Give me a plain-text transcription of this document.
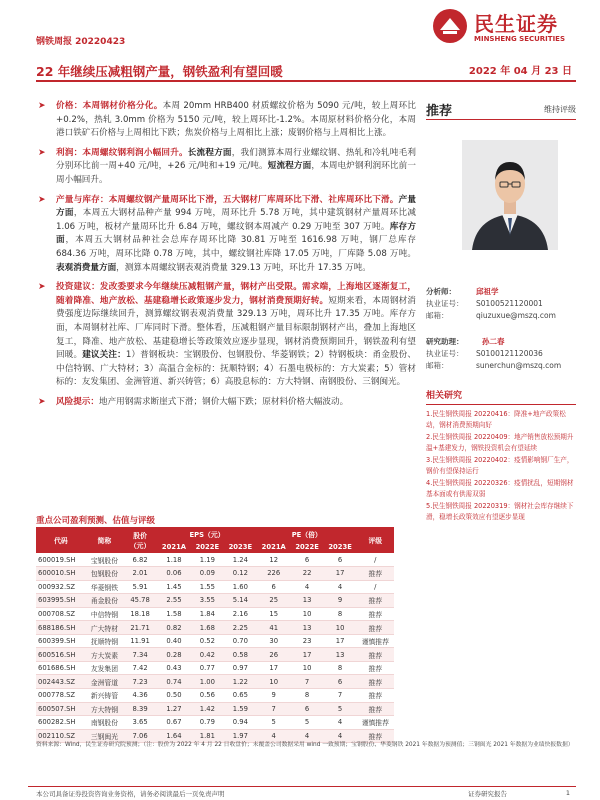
钢铁周报 20220423
民生证券
MINSHENG SECURITIES
22 年继续压减粗钢产量，钢铁盈利有望回暖	2022 年 04 月 23 日

➤ 价格：本周钢材价格分化。本周 20mm HRB400 材质螺纹价格为 5090 元/吨，较上周环比+0.2%，热轧 3.0mm 价格为 5150 元/吨，较上周环比-1.2%。本周原材料价格分化，本周港口铁矿石价格与上周相比下跌；焦炭价格与上周相比上涨；废钢价格与上周相比上涨。

➤ 利润：本周螺纹钢利润小幅回升。长流程方面，我们测算本周行业螺纹钢、热轧和冷轧吨毛利分别环比前一周+40 元/吨，+26 元/吨和+19 元/吨。短流程方面，本周电炉钢利润环比前一周小幅回升。

➤ 产量与库存：本周螺纹钢产量周环比下滑，五大钢材厂库周环比下滑、社库周环比下滑。产量方面，本周五大钢材品种产量 994 万吨，周环比升 5.78 万吨，其中建筑钢材产量周环比减 1.06 万吨，板材产量周环比升 6.84 万吨，螺纹钢本周减产 0.29 万吨至 307 万吨。库存方面，本周五大钢材品种社会总库存周环比降 30.81 万吨至 1616.98 万吨，钢厂总库存 684.36 万吨，周环比降 0.78 万吨，其中，螺纹钢社库降 17.05 万吨，厂库降 5.08 万吨。表观消费量方面，测算本周螺纹钢表观消费量 329.13 万吨，环比升 17.35 万吨。

➤ 投资建议：发改委要求今年继续压减粗钢产量，钢材产出受限。需求端，上海地区逐渐复工，随着降准、地产放松、基建稳增长政策逐步发力，钢材消费预期好转。短期来看，本周钢材消费强度边际继续回升，测算螺纹钢表观消费量 329.13 万吨，周环比升 17.35 万吨。库存方面，本周钢材社库、厂库同时下滑。整体看，压减粗钢产量目标限制钢材产出，叠加上海地区复工，降准、地产放松、基建稳增长等政策效应逐步显现，钢材消费预期回升，钢铁盈利有望回暖。建议关注：1）普钢板块：宝钢股份、包钢股份、华菱钢铁；2）特钢板块：甬金股份、中信特钢、广大特材；3）高温合金标的：抚顺特钢；4）石墨电极标的：方大炭素；5）管材标的：友发集团、金洲管道、新兴铸管；6）高股息标的：方大特钢、南钢股份、三钢闽光。

➤ 风险提示：地产用钢需求断崖式下滑；钢价大幅下跌；原材料价格大幅波动。

推荐	维持评级
分析师：	邱祖学
执业证号：	S0100521120001
邮箱：	qiuzuxue@mszq.com
研究助理：	孙二春
执业证号：	S0100121120036
邮箱：	sunerchun@mszq.com
相关研究
1.民生钢铁周报 20220416：降准+地产政策松动，钢材消费预期向好
2.民生钢铁周报 20220409：地产销售放松预期升温+基建发力，钢铁投资机会有望延续
3.民生钢铁周报 20220402：疫情影响钢厂生产，钢价有望保持运行
4.民生钢铁周报 20220326：疫情扰乱，短期钢材基本面或有供需双弱
5.民生钢铁周报 20220319：钢材社会库存继续下滑，稳增长政策效应有望逐步显现
重点公司盈利预测、估值与评级
代码	简称	股价（元）	EPS（元）			PE（倍）			评级
			2021A	2022E	2023E	2021A	2022E	2023E	
600019.SH	宝钢股份	6.82	1.18	1.19	1.24	12	6	6	/
600010.SH	包钢股份	2.01	0.06	0.09	0.12	226	22	17	推荐
000932.SZ	华菱钢铁	5.91	1.45	1.55	1.60	6	4	4	/
603995.SH	甬金股份	45.78	2.55	3.55	5.14	25	13	9	推荐
000708.SZ	中信特钢	18.18	1.58	1.84	2.16	15	10	8	推荐
688186.SH	广大特材	21.71	0.82	1.68	2.25	41	13	10	推荐
600399.SH	抚顺特钢	11.91	0.40	0.52	0.70	30	23	17	谨慎推荐
600516.SH	方大炭素	7.34	0.28	0.42	0.58	26	17	13	推荐
601686.SH	友发集团	7.42	0.43	0.77	0.97	17	10	8	推荐
002443.SZ	金洲管道	7.23	0.74	1.00	1.22	10	7	6	推荐
000778.SZ	新兴铸管	4.36	0.50	0.56	0.65	9	8	7	推荐
600507.SH	方大特钢	8.39	1.27	1.42	1.59	7	6	5	推荐
600282.SH	南钢股份	3.65	0.67	0.79	0.94	5	5	4	谨慎推荐
002110.SZ	三钢闽光	7.06	1.64	1.81	1.97	4	4	4	推荐
资料来源：Wind，民生证券研究院预测；（注：股价为 2022 年 4 月 22 日收盘价；未覆盖公司数据采用 wind 一致预期；宝钢股份、华菱钢铁 2021 年数据为预测值；三钢闽光 2021 年数据为业绩快报数据）
本公司具备证券投资咨询业务资格，请务必阅读最后一页免责声明	证券研究报告	1
